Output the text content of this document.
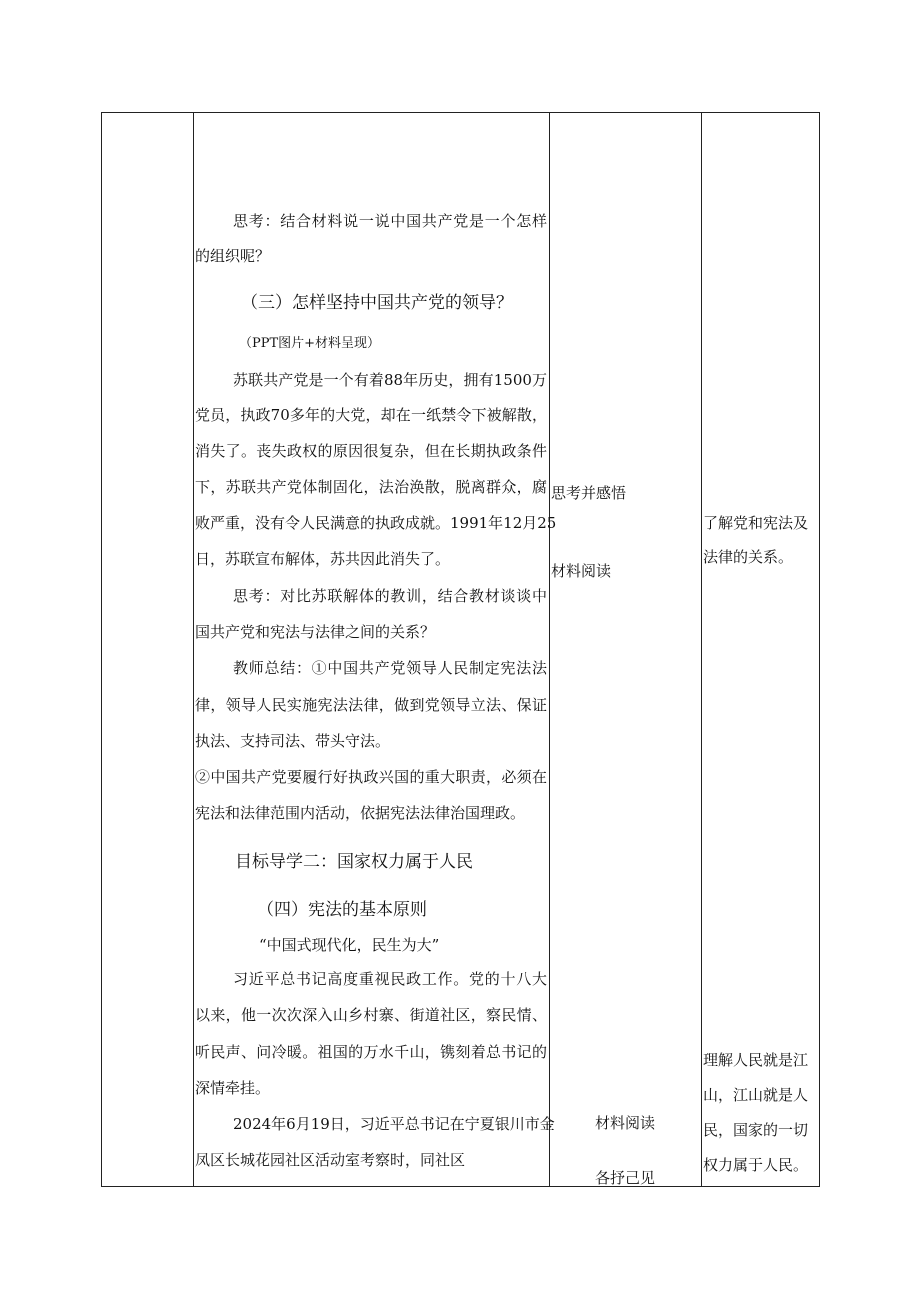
思考：结合材料说一说中国共产党是一个怎样
的组织呢？
（三）怎样坚持中国共产党的领导？
（PPT图片+材料呈现）
苏联共产党是一个有着88年历史，拥有1500万
党员，执政70多年的大党，却在一纸禁令下被解散，
消失了。丧失政权的原因很复杂，但在长期执政条件
下，苏联共产党体制固化，法治涣散，脱离群众，腐
败严重，没有令人民满意的执政成就。1991年12月25
日，苏联宣布解体，苏共因此消失了。
思考：对比苏联解体的教训，结合教材谈谈中
国共产党和宪法与法律之间的关系？
教师总结：①中国共产党领导人民制定宪法法
律，领导人民实施宪法法律，做到党领导立法、保证
执法、支持司法、带头守法。
②中国共产党要履行好执政兴国的重大职责，必须在
宪法和法律范围内活动，依据宪法法律治国理政。
目标导学二：国家权力属于人民
（四）宪法的基本原则
“中国式现代化，民生为大”
习近平总书记高度重视民政工作。党的十八大
以来，他一次次深入山乡村寨、街道社区，察民情、
听民声、问冷暖。祖国的万水千山，镌刻着总书记的
深情牵挂。
2024年6月19日，习近平总书记在宁夏银川市金
凤区长城花园社区活动室考察时，同社区
思考并感悟
材料阅读
材料阅读
各抒己见
了解党和宪法及
法律的关系。
理解人民就是江
山，江山就是人
民，国家的一切
权力属于人民。
